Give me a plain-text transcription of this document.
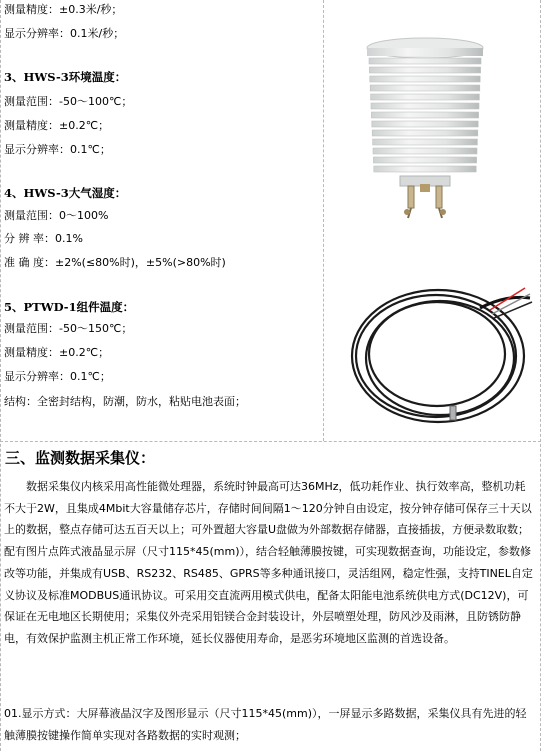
测量精度：±0.3米/秒；
显示分辨率：0.1米/秒；
3、HWS-3环境温度：
测量范围：-50～100℃；
测量精度：±0.2℃；
显示分辨率：0.1℃；
4、HWS-3大气湿度：
测量范围：0～100%
分 辨 率：0.1%
准 确 度：±2%(≤80%时)，±5%(>80%时)
5、PTWD-1组件温度：
测量范围：-50～150℃；
测量精度：±0.2℃；
显示分辨率：0.1℃；
结构：全密封结构，防潮，防水，粘贴电池表面；
三、监测数据采集仪：

数据采集仪内核采用高性能微处理器，系统时钟最高可达36MHz，低功耗作业、执行效率高，整机功耗不大于2W，且集成4Mbit大容量储存芯片，存储时间间隔1～120分钟自由设定，按分钟存储可保存三十天以上的数据，整点存储可达五百天以上；可外置超大容量U盘做为外部数据存储器，直接插拔，方便录数取数；配有图片点阵式液晶显示屏（尺寸115*45(mm)），结合轻触薄膜按键，可实现数据查询，功能设定，参数修改等功能，并集成有USB、RS232、RS485、GPRS等多种通讯接口，灵活组网，稳定性强，支持TINEL自定义协议及标准MODBUS通讯协议。可采用交直流两用模式供电，配备太阳能电池系统供电方式(DC12V)，可保证在无电地区长期使用；采集仪外壳采用铝镁合金封装设计，外层喷塑处理，防风沙及雨淋，且防锈防静电，有效保护监测主机正常工作环境，延长仪器使用寿命，是恶劣环境地区监测的首选设备。

01.显示方式：大屏幕液晶汉字及图形显示（尺寸115*45(mm)），一屏显示多路数据，采集仪具有先进的轻触薄膜按键操作简单实现对各路数据的实时观测；
